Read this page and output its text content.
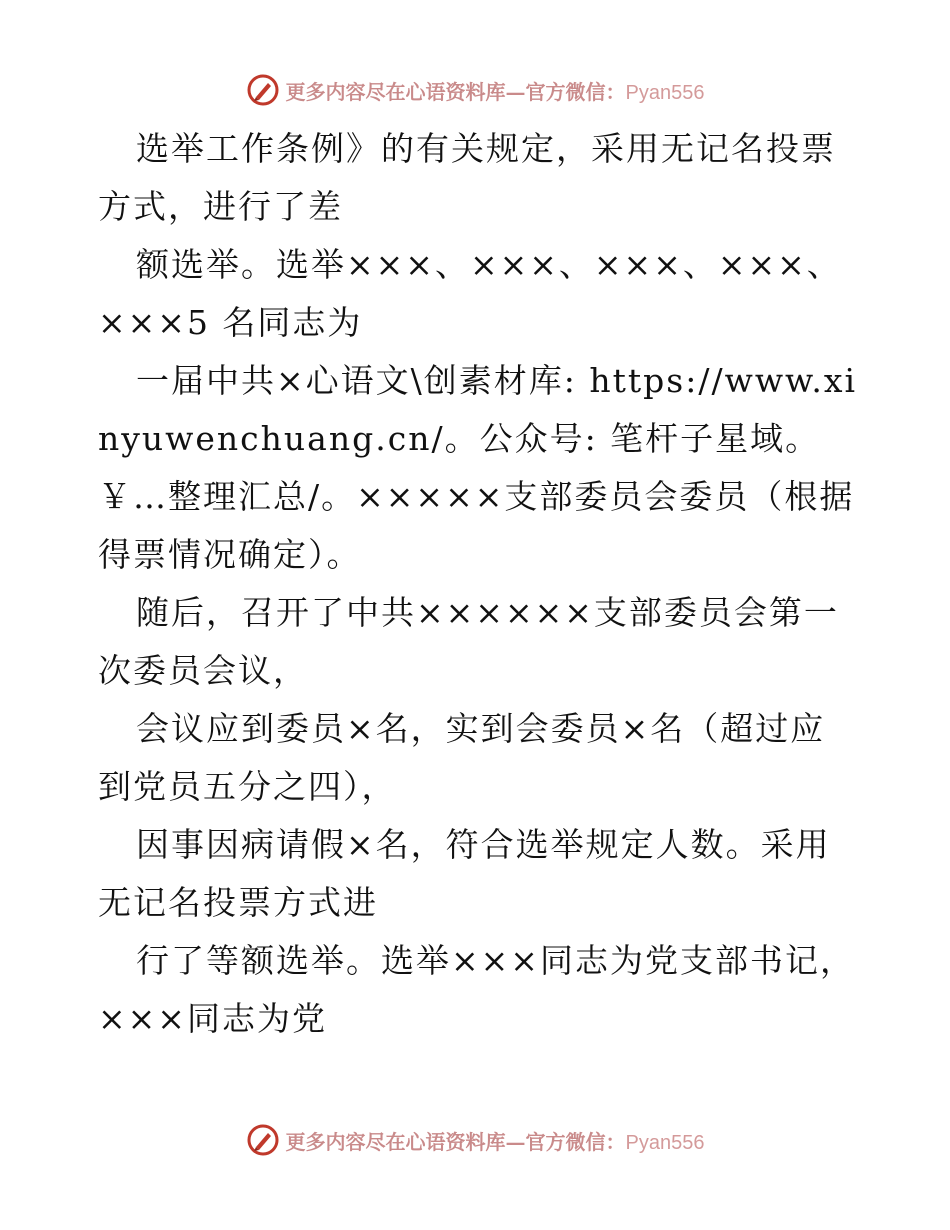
更多内容尽在心语资料库—官方微信：Pyan556

选举工作条例》的有关规定，采用无记名投票方式，进行了差

额选举。选举×××、×××、×××、×××、×××5 名同志为

一届中共×心语文\创素材库: https://www.xinyuwenchuang.cn/。公众号: 笔杆子星域。￥…整理汇总/。×××××支部委员会委员（根据得票情况确定）。

随后，召开了中共××××××支部委员会第一次委员会议，

会议应到委员×名，实到会委员×名（超过应到党员五分之四），

因事因病请假×名，符合选举规定人数。采用无记名投票方式进

行了等额选举。选举×××同志为党支部书记，×××同志为党

更多内容尽在心语资料库—官方微信：Pyan556
